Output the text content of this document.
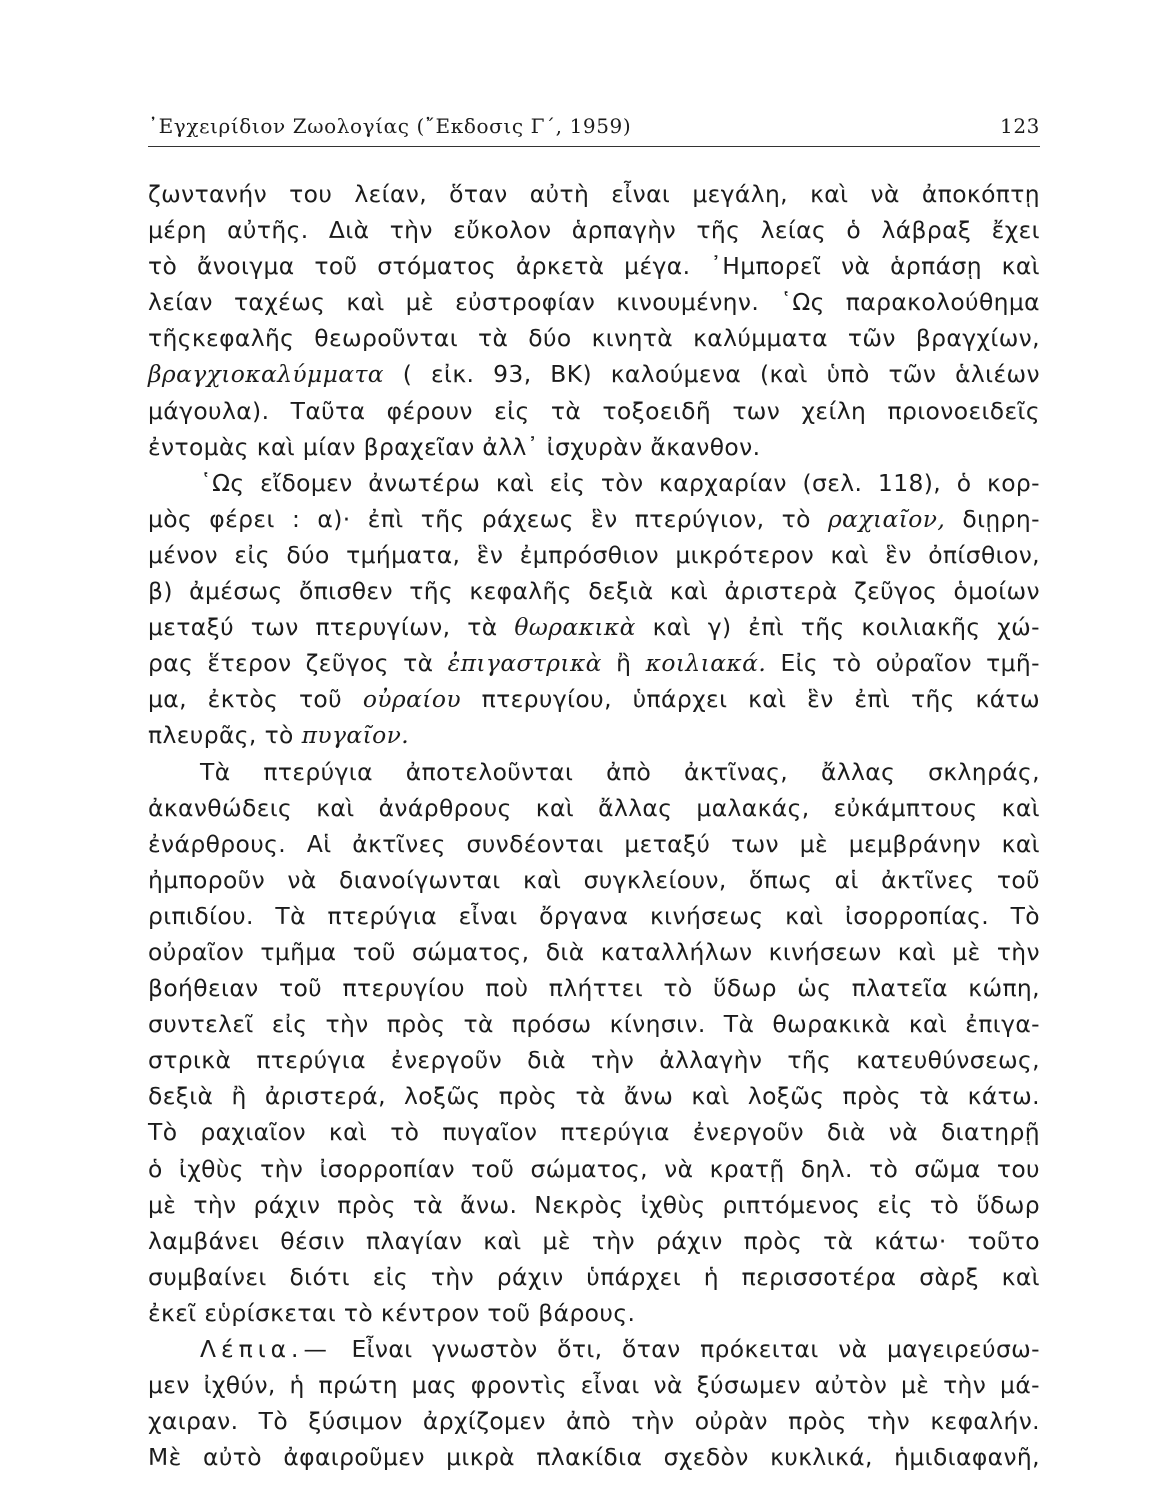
᾿Εγχειρίδιον Ζωολογίας (῎Εκδοσις Γ΄, 1959)	123
ζωντανήν του λείαν, ὅταν αὐτὴ εἶναι μεγάλη, καὶ νὰ ἀποκόπτῃ
μέρη αὐτῆς. Διὰ τὴν εὔκολον ἁρπαγὴν τῆς λείας ὁ λάβραξ ἔχει
τὸ ἄνοιγμα τοῦ στόματος ἀρκετὰ μέγα. ᾿Ημπορεῖ νὰ ἁρπάσῃ καὶ
λείαν ταχέως καὶ μὲ εὐστροφίαν κινουμένην. ῾Ως παρακολούθημα
τῆςκεφαλῆς θεωροῦνται τὰ δύο κινητὰ καλύμματα τῶν βραγχίων,
βραγχιοκαλύμματα ( εἰκ. 93, ΒΚ) καλούμενα (καὶ ὑπὸ τῶν ἁλιέων
μάγουλα). Ταῦτα φέρουν εἰς τὰ τοξοειδῆ των χείλη πριονοειδεῖς
ἐντομὰς καὶ μίαν βραχεῖαν ἀλλ᾿ ἰσχυρὰν ἄκανθον.
῾Ως εἴδομεν ἀνωτέρω καὶ εἰς τὸν καρχαρίαν (σελ. 118), ὁ κορ-
μὸς φέρει : α)· ἐπὶ τῆς ράχεως ἓν πτερύγιον, τὸ ραχιαῖον, διῃρη-
μένον εἰς δύο τμήματα, ἓν ἐμπρόσθιον μικρότερον καὶ ἓν ὀπίσθιον,
β) ἀμέσως ὄπισθεν τῆς κεφαλῆς δεξιὰ καὶ ἀριστερὰ ζεῦγος ὁμοίων
μεταξύ των πτερυγίων, τὰ θωρακικὰ καὶ γ) ἐπὶ τῆς κοιλιακῆς χώ-
ρας ἕτερον ζεῦγος τὰ ἐπιγαστρικὰ ἢ κοιλιακά. Εἰς τὸ οὐραῖον τμῆ-
μα, ἐκτὸς τοῦ οὐραίου πτερυγίου, ὑπάρχει καὶ ἓν ἐπὶ τῆς κάτω
πλευρᾶς, τὸ πυγαῖον.
Τὰ πτερύγια ἀποτελοῦνται ἀπὸ ἀκτῖνας, ἄλλας σκληράς,
ἀκανθώδεις καὶ ἀνάρθρους καὶ ἄλλας μαλακάς, εὐκάμπτους καὶ
ἐνάρθρους. Αἱ ἀκτῖνες συνδέονται μεταξύ των μὲ μεμβράνην καὶ
ἠμποροῦν νὰ διανοίγωνται καὶ συγκλείουν, ὅπως αἱ ἀκτῖνες τοῦ
ριπιδίου. Τὰ πτερύγια εἶναι ὄργανα κινήσεως καὶ ἰσορροπίας. Τὸ
οὐραῖον τμῆμα τοῦ σώματος, διὰ καταλλήλων κινήσεων καὶ μὲ τὴν
βοήθειαν τοῦ πτερυγίου ποὺ πλήττει τὸ ὕδωρ ὡς πλατεῖα κώπη,
συντελεῖ εἰς τὴν πρὸς τὰ πρόσω κίνησιν. Τὰ θωρακικὰ καὶ ἐπιγα-
στρικὰ πτερύγια ἐνεργοῦν διὰ τὴν ἀλλαγὴν τῆς κατευθύνσεως,
δεξιὰ ἢ ἀριστερά, λοξῶς πρὸς τὰ ἄνω καὶ λοξῶς πρὸς τὰ κάτω.
Τὸ ραχιαῖον καὶ τὸ πυγαῖον πτερύγια ἐνεργοῦν διὰ νὰ διατηρῇ
ὁ ἰχθὺς τὴν ἰσορροπίαν τοῦ σώματος, νὰ κρατῇ δηλ. τὸ σῶμα του
μὲ τὴν ράχιν πρὸς τὰ ἄνω. Νεκρὸς ἰχθὺς ριπτόμενος εἰς τὸ ὕδωρ
λαμβάνει θέσιν πλαγίαν καὶ μὲ τὴν ράχιν πρὸς τὰ κάτω· τοῦτο
συμβαίνει διότι εἰς τὴν ράχιν ὑπάρχει ἡ περισσοτέρα σὰρξ καὶ
ἐκεῖ εὑρίσκεται τὸ κέντρον τοῦ βάρους.
Λέπια.— Εἶναι γνωστὸν ὅτι, ὅταν πρόκειται νὰ μαγειρεύσω-
μεν ἰχθύν, ἡ πρώτη μας φροντὶς εἶναι νὰ ξύσωμεν αὐτὸν μὲ τὴν μά-
χαιραν. Τὸ ξύσιμον ἀρχίζομεν ἀπὸ τὴν οὐρὰν πρὸς τὴν κεφαλήν.
Μὲ αὐτὸ ἀφαιροῦμεν μικρὰ πλακίδια σχεδὸν κυκλικά, ἡμιδιαφανῆ,
